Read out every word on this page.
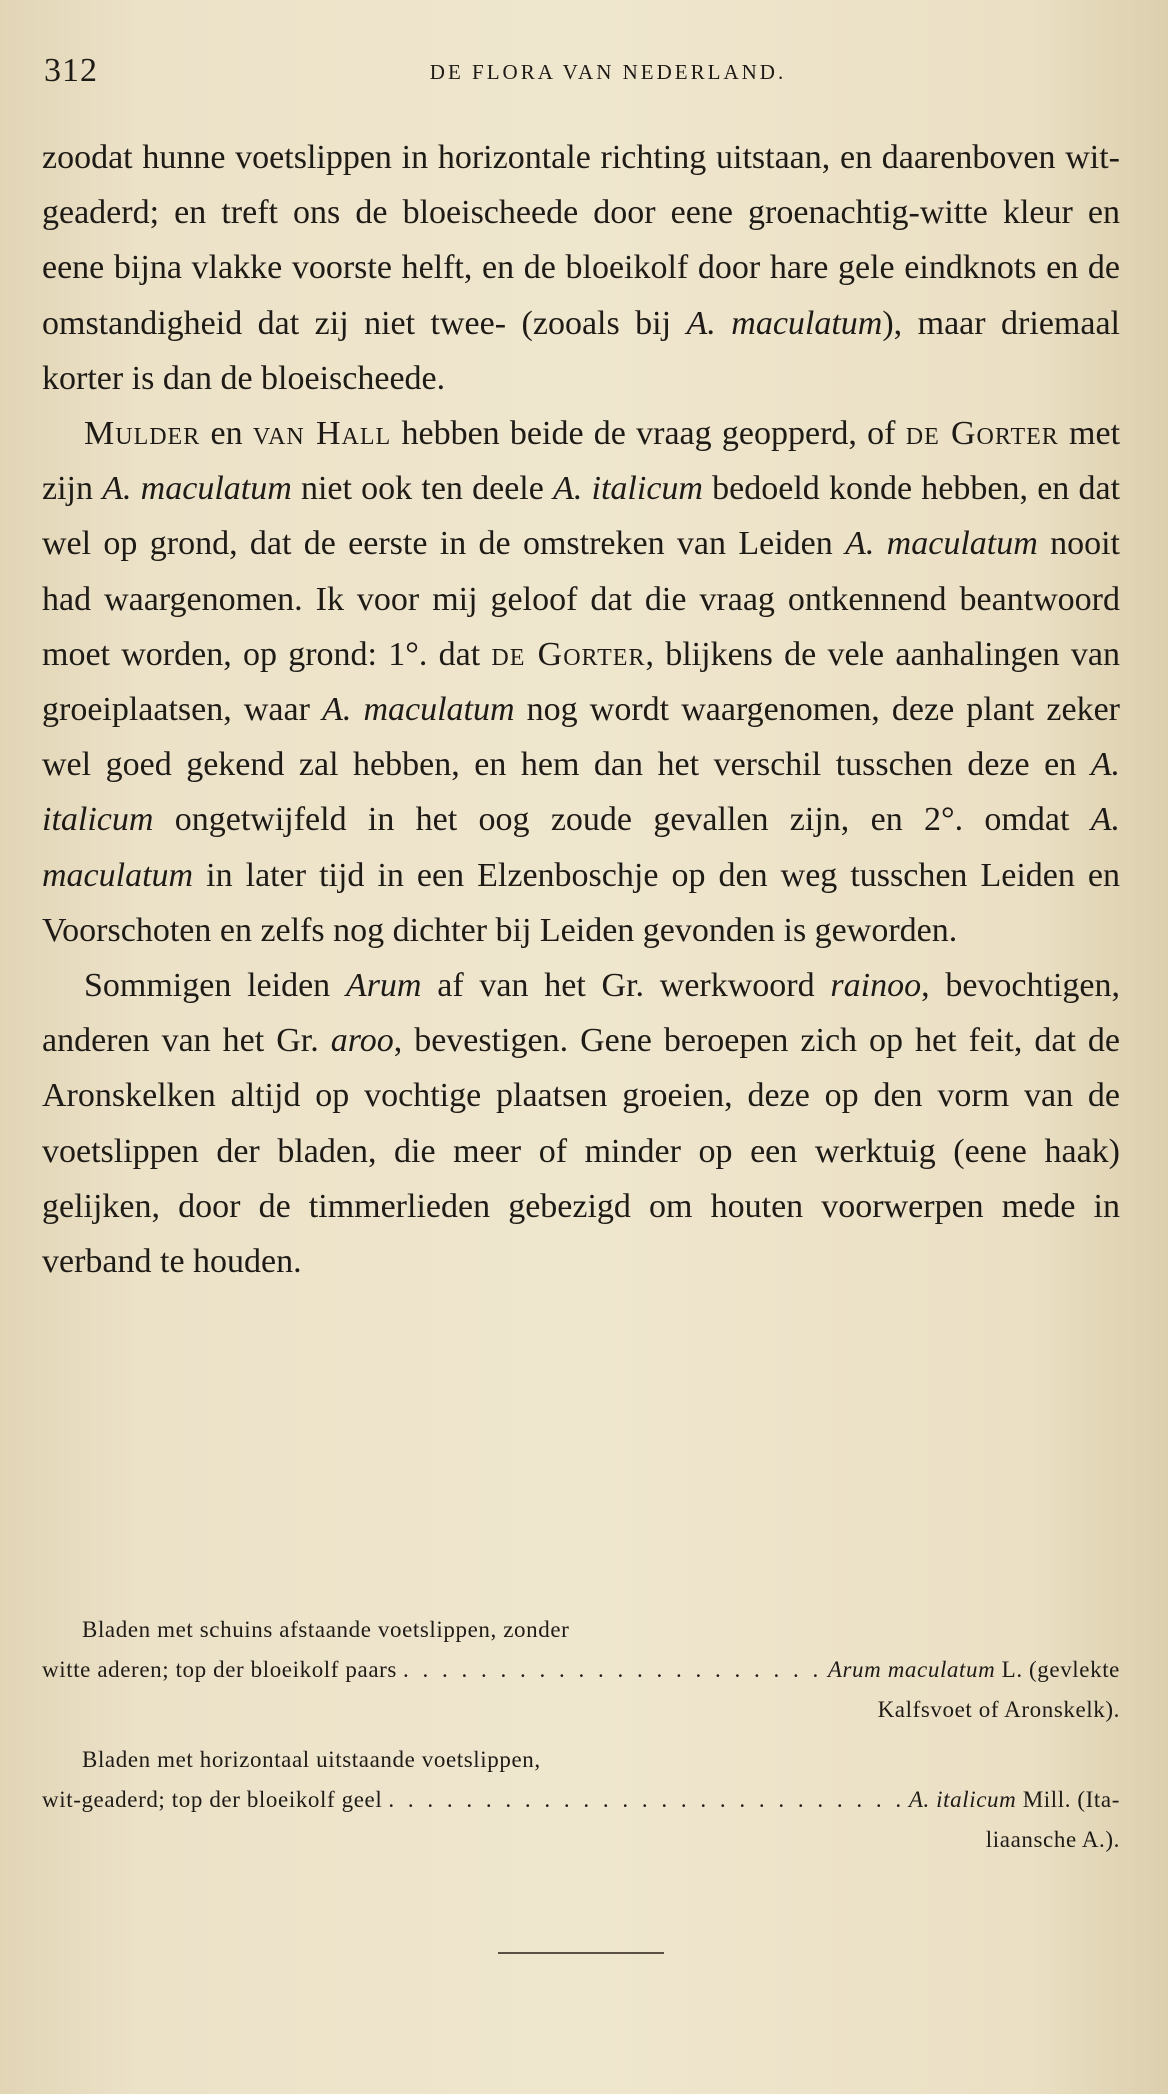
312	DE FLORA VAN NEDERLAND.

zoodat hunne voetslippen in horizontale richting uitstaan, en daarenboven wit-geaderd; en treft ons de bloeischeede door eene groenachtig-witte kleur en eene bijna vlakke voorste helft, en de bloeikolf door hare gele eindknots en de omstandigheid dat zij niet twee- (zooals bij A. maculatum), maar driemaal korter is dan de bloeischeede.

Mulder en van Hall hebben beide de vraag geopperd, of de Gorter met zijn A. maculatum niet ook ten deele A. italicum bedoeld konde hebben, en dat wel op grond, dat de eerste in de omstreken van Leiden A. maculatum nooit had waargenomen. Ik voor mij geloof dat die vraag ontkennend beantwoord moet worden, op grond: 1°. dat de Gorter, blijkens de vele aanhalingen van groeiplaatsen, waar A. maculatum nog wordt waargenomen, deze plant zeker wel goed gekend zal hebben, en hem dan het verschil tusschen deze en A. italicum ongetwijfeld in het oog zoude gevallen zijn, en 2°. omdat A. maculatum in later tijd in een Elzenboschje op den weg tusschen Leiden en Voorschoten en zelfs nog dichter bij Leiden gevonden is geworden.

Sommigen leiden Arum af van het Gr. werkwoord rainoo, bevochtigen, anderen van het Gr. aroo, bevestigen. Gene beroepen zich op het feit, dat de Aronskelken altijd op vochtige plaatsen groeien, deze op den vorm van de voetslippen der bladen, die meer of minder op een werktuig (eene haak) gelijken, door de timmerlieden gebezigd om houten voorwerpen mede in verband te houden.

Bladen met schuins afstaande voetslippen, zonder
witte aderen; top der bloeikolf paars . . .	Arum maculatum L. (gevlekte
Kalfsvoet of Aronskelk).
Bladen met horizontaal uitstaande voetslippen,
wit-geaderd; top der bloeikolf geel . . .	A. italicum Mill. (Ita-
liaansche A.).
